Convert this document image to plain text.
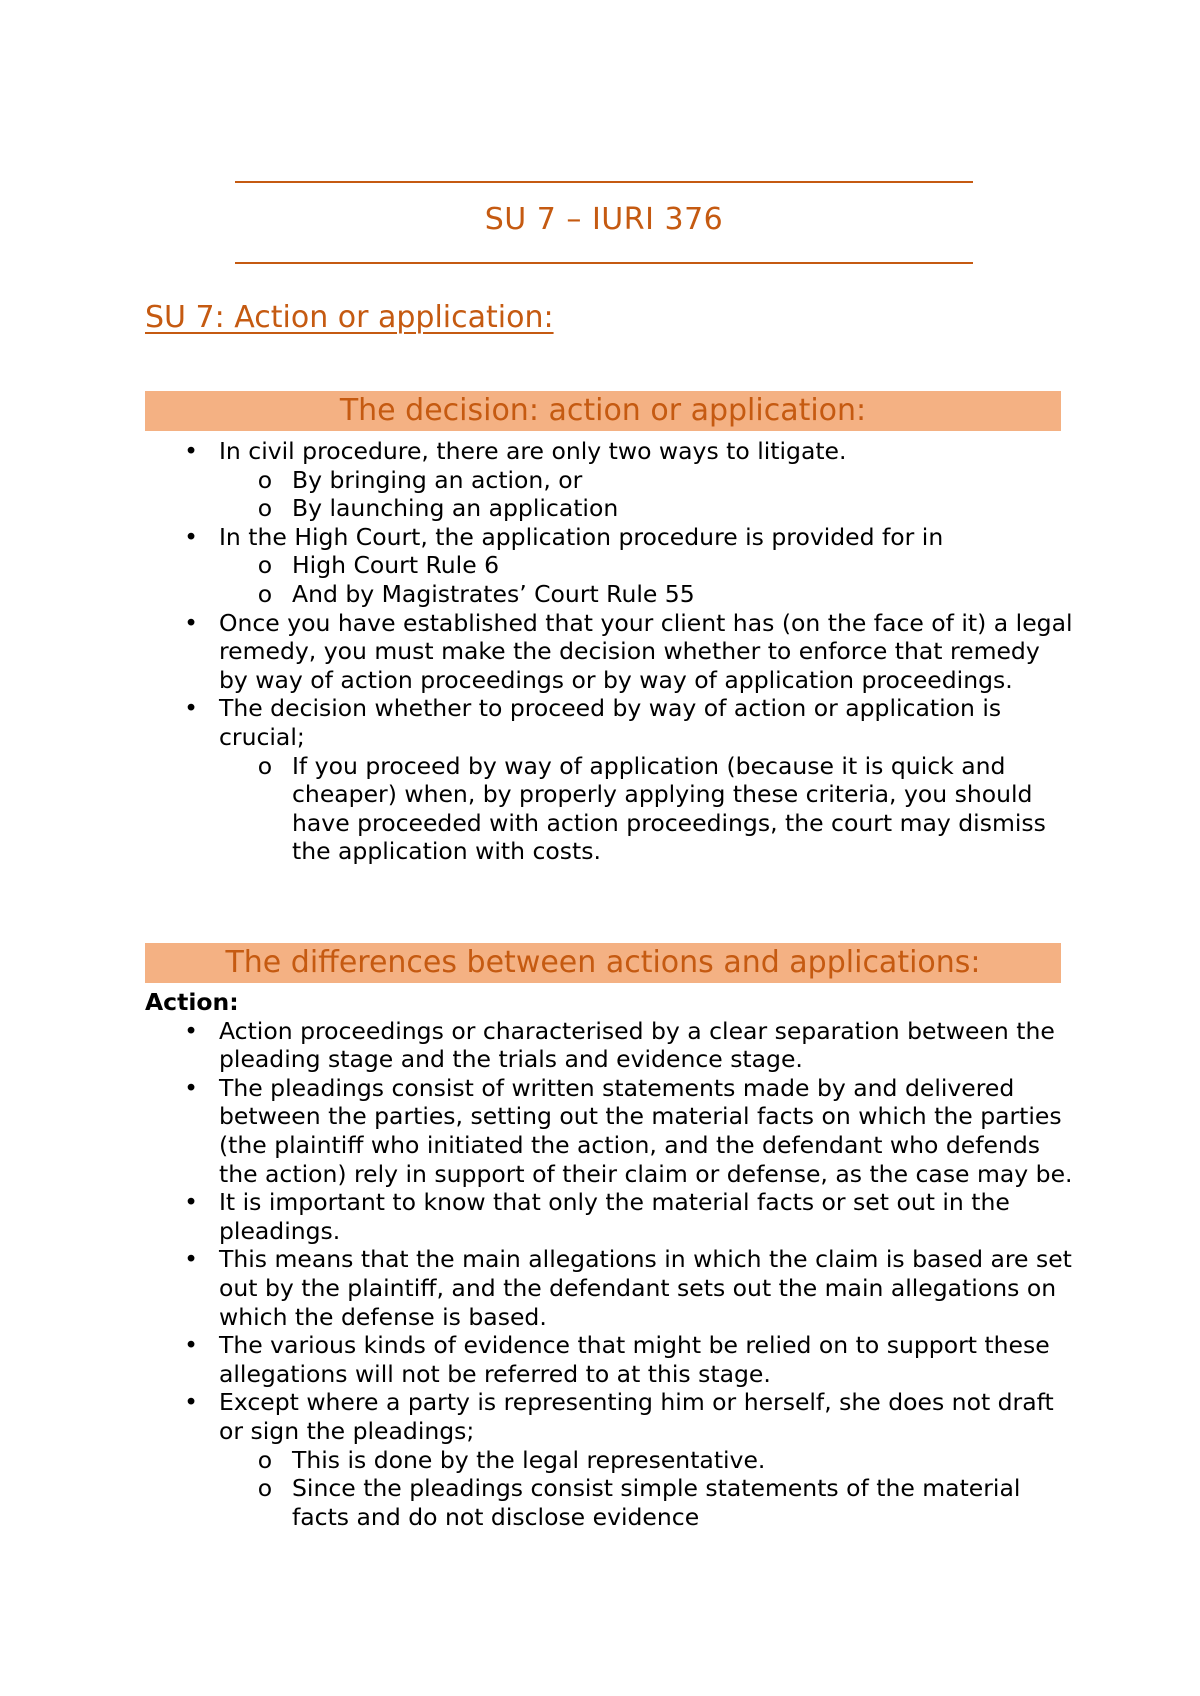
SU 7 – IURI 376
SU 7: Action or application:
The decision: action or application:
• In civil procedure, there are only two ways to litigate.
o By bringing an action, or
o By launching an application
• In the High Court, the application procedure is provided for in
o High Court Rule 6
o And by Magistrates’ Court Rule 55
• Once you have established that your client has (on the face of it) a legal remedy, you must make the decision whether to enforce that remedy by way of action proceedings or by way of application proceedings.
• The decision whether to proceed by way of action or application is crucial;
o If you proceed by way of application (because it is quick and cheaper) when, by properly applying these criteria, you should have proceeded with action proceedings, the court may dismiss the application with costs.
The differences between actions and applications:
Action:
• Action proceedings or characterised by a clear separation between the pleading stage and the trials and evidence stage.
• The pleadings consist of written statements made by and delivered between the parties, setting out the material facts on which the parties (the plaintiff who initiated the action, and the defendant who defends the action) rely in support of their claim or defense, as the case may be.
• It is important to know that only the material facts or set out in the pleadings.
• This means that the main allegations in which the claim is based are set out by the plaintiff, and the defendant sets out the main allegations on which the defense is based.
• The various kinds of evidence that might be relied on to support these allegations will not be referred to at this stage.
• Except where a party is representing him or herself, she does not draft or sign the pleadings;
o This is done by the legal representative.
o Since the pleadings consist simple statements of the material facts and do not disclose evidence
